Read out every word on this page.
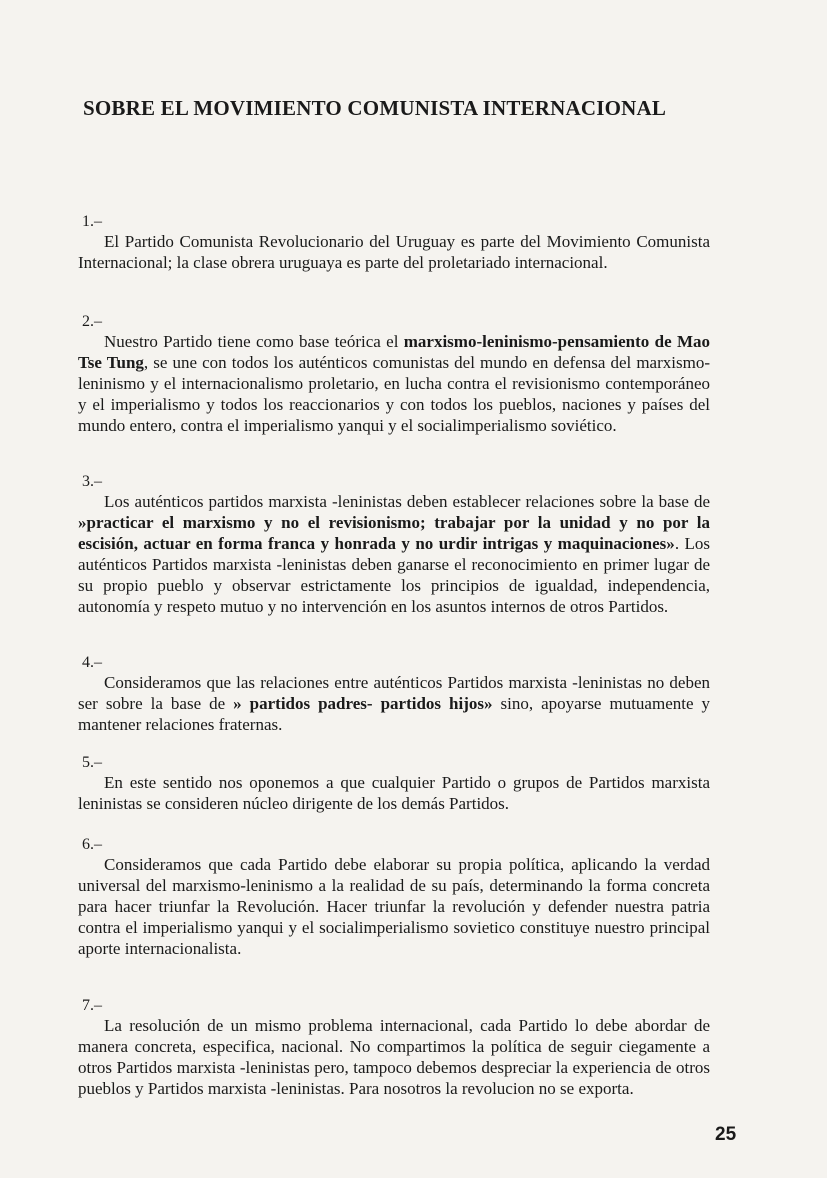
SOBRE EL MOVIMIENTO COMUNISTA INTERNACIONAL
1.–

El Partido Comunista Revolucionario del Uruguay es parte del Movimiento Comunista Internacional; la clase obrera uruguaya es parte del proletariado internacional.

2.–

Nuestro Partido tiene como base teórica el marxismo-leninismo-pensamiento de Mao Tse Tung, se une con todos los auténticos comunistas del mundo en defensa del marxismo-leninismo y el internacionalismo proletario, en lucha contra el revisionismo contemporáneo y el imperialismo y todos los reaccionarios y con todos los pueblos, naciones y países del mundo entero, contra el imperialismo yanqui y el socialimperialismo soviético.

3.–

Los auténticos partidos marxista -leninistas deben establecer relaciones sobre la base de »practicar el marxismo y no el revisionismo; trabajar por la unidad y no por la escisión, actuar en forma franca y honrada y no urdir intrigas y maquinaciones». Los auténticos Partidos marxista -leninistas deben ganarse el reconocimiento en primer lugar de su propio pueblo y observar estrictamente los principios de igualdad, independencia, autonomía y respeto mutuo y no intervención en los asuntos internos de otros Partidos.

4.–

Consideramos que las relaciones entre auténticos Partidos marxista -leninistas no deben ser sobre la base de » partidos padres- partidos hijos» sino, apoyarse mutuamente y mantener relaciones fraternas.

5.–

En este sentido nos oponemos a que cualquier Partido o grupos de Partidos marxista leninistas se consideren núcleo dirigente de los demás Partidos.

6.–

Consideramos que cada Partido debe elaborar su propia política, aplicando la verdad universal del marxismo-leninismo a la realidad de su país, determinando la forma concreta para hacer triunfar la Revolución. Hacer triunfar la revolución y defender nuestra patria contra el imperialismo yanqui y el socialimperialismo sovietico constituye nuestro principal aporte internacionalista.

7.–

La resolución de un mismo problema internacional, cada Partido lo debe abordar de manera concreta, especifica, nacional. No compartimos la política de seguir ciegamente a otros Partidos marxista -leninistas pero, tampoco debemos despreciar la experiencia de otros pueblos y Partidos marxista -leninistas. Para nosotros la revolucion no se exporta.

25
